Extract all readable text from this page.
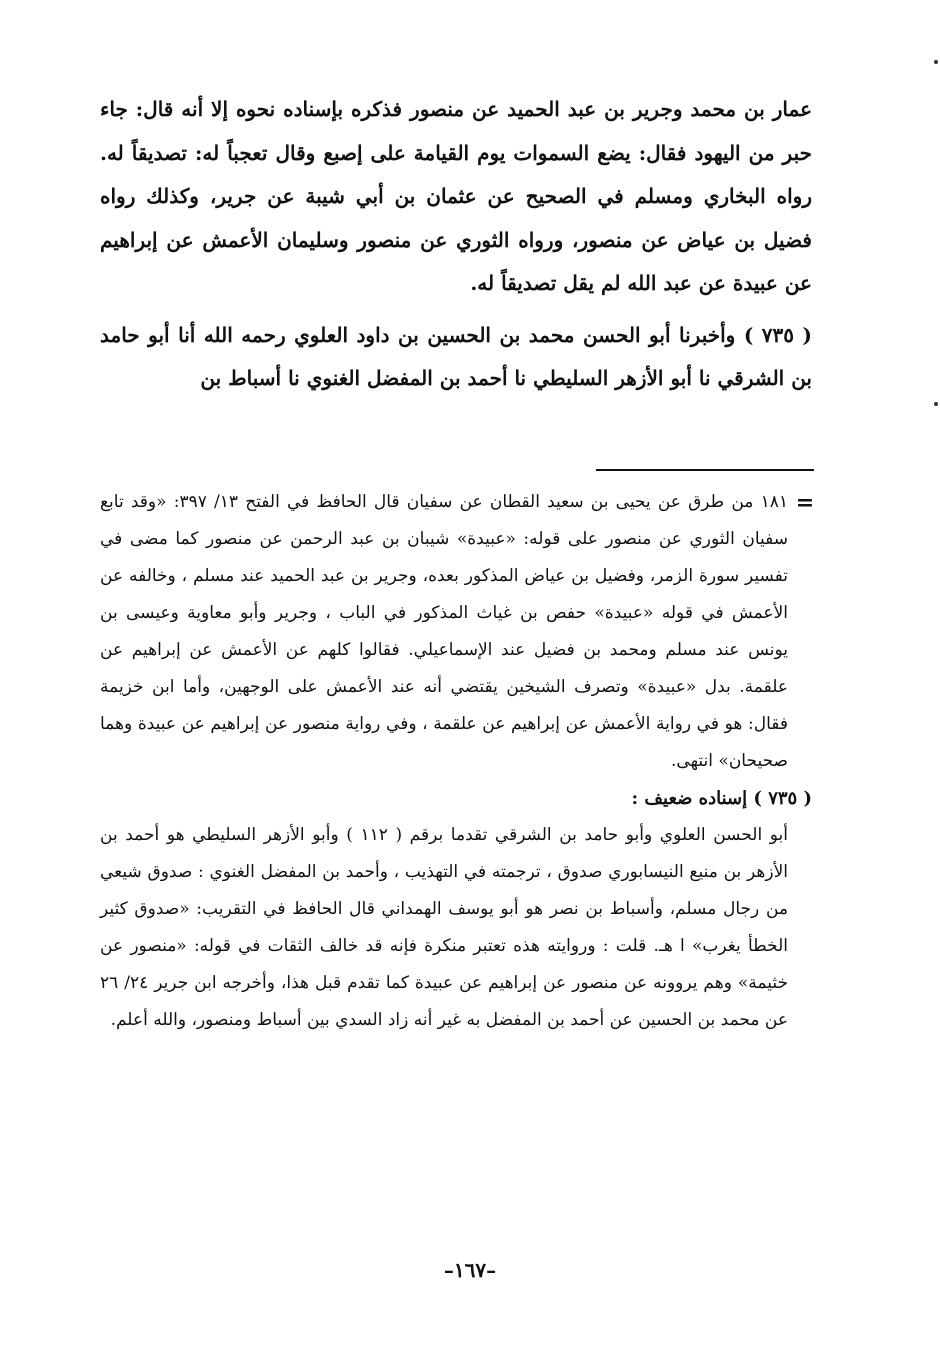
عمار بن محمد وجرير بن عبد الحميد عن منصور فذكره بإسناده نحوه إلا أنه قال: جاء حبر من اليهود فقال: يضع السموات يوم القيامة على إصبع وقال تعجباً له: تصديقاً له. رواه البخاري ومسلم في الصحيح عن عثمان بن أبي شيبة عن جرير، وكذلك رواه فضيل بن عياض عن منصور، ورواه الثوري عن منصور وسليمان الأعمش عن إبراهيم عن عبيدة عن عبد الله لم يقل تصديقاً له.

( ٧٣٥ ) وأخبرنا أبو الحسن محمد بن الحسين بن داود العلوي رحمه الله أنا أبو حامد بن الشرقي نا أبو الأزهر السليطي نا أحمد بن المفضل الغنوي نا أسباط بن

=

١٨١ من طرق عن يحيى بن سعيد القطان عن سفيان قال الحافظ في الفتح ١٣/ ٣٩٧: «وقد تابع سفيان الثوري عن منصور على قوله: «عبيدة» شيبان بن عبد الرحمن عن منصور كما مضى في تفسير سورة الزمر، وفضيل بن عياض المذكور بعده، وجرير بن عبد الحميد عند مسلم ، وخالفه عن الأعمش في قوله «عبيدة» حفص بن غياث المذكور في الباب ، وجرير وأبو معاوية وعيسى بن يونس عند مسلم ومحمد بن فضيل عند الإسماعيلي. فقالوا كلهم عن الأعمش عن إبراهيم عن علقمة. بدل «عبيدة» وتصرف الشيخين يقتضي أنه عند الأعمش على الوجهين، وأما ابن خزيمة فقال: هو في رواية الأعمش عن إبراهيم عن علقمة ، وفي رواية منصور عن إبراهيم عن عبيدة وهما صحيحان» انتهى.

( ٧٣٥ ) إسناده ضعيف :

أبو الحسن العلوي وأبو حامد بن الشرقي تقدما برقم ( ١١٢ ) وأبو الأزهر السليطي هو أحمد بن الأزهر بن منيع النيسابوري صدوق ، ترجمته في التهذيب ، وأحمد بن المفضل الغنوي : صدوق شيعي من رجال مسلم، وأسباط بن نصر هو أبو يوسف الهمداني قال الحافظ في التقريب: «صدوق كثير الخطأ يغرب» ا هـ. قلت : وروايته هذه تعتبر منكرة فإنه قد خالف الثقات في قوله: «منصور عن خثيمة» وهم يروونه عن منصور عن إبراهيم عن عبيدة كما تقدم قبل هذا، وأخرجه ابن جرير ٢٤/ ٢٦ عن محمد بن الحسين عن أحمد بن المفضل به غير أنه زاد السدي بين أسباط ومنصور، والله أعلم.

–١٦٧–
